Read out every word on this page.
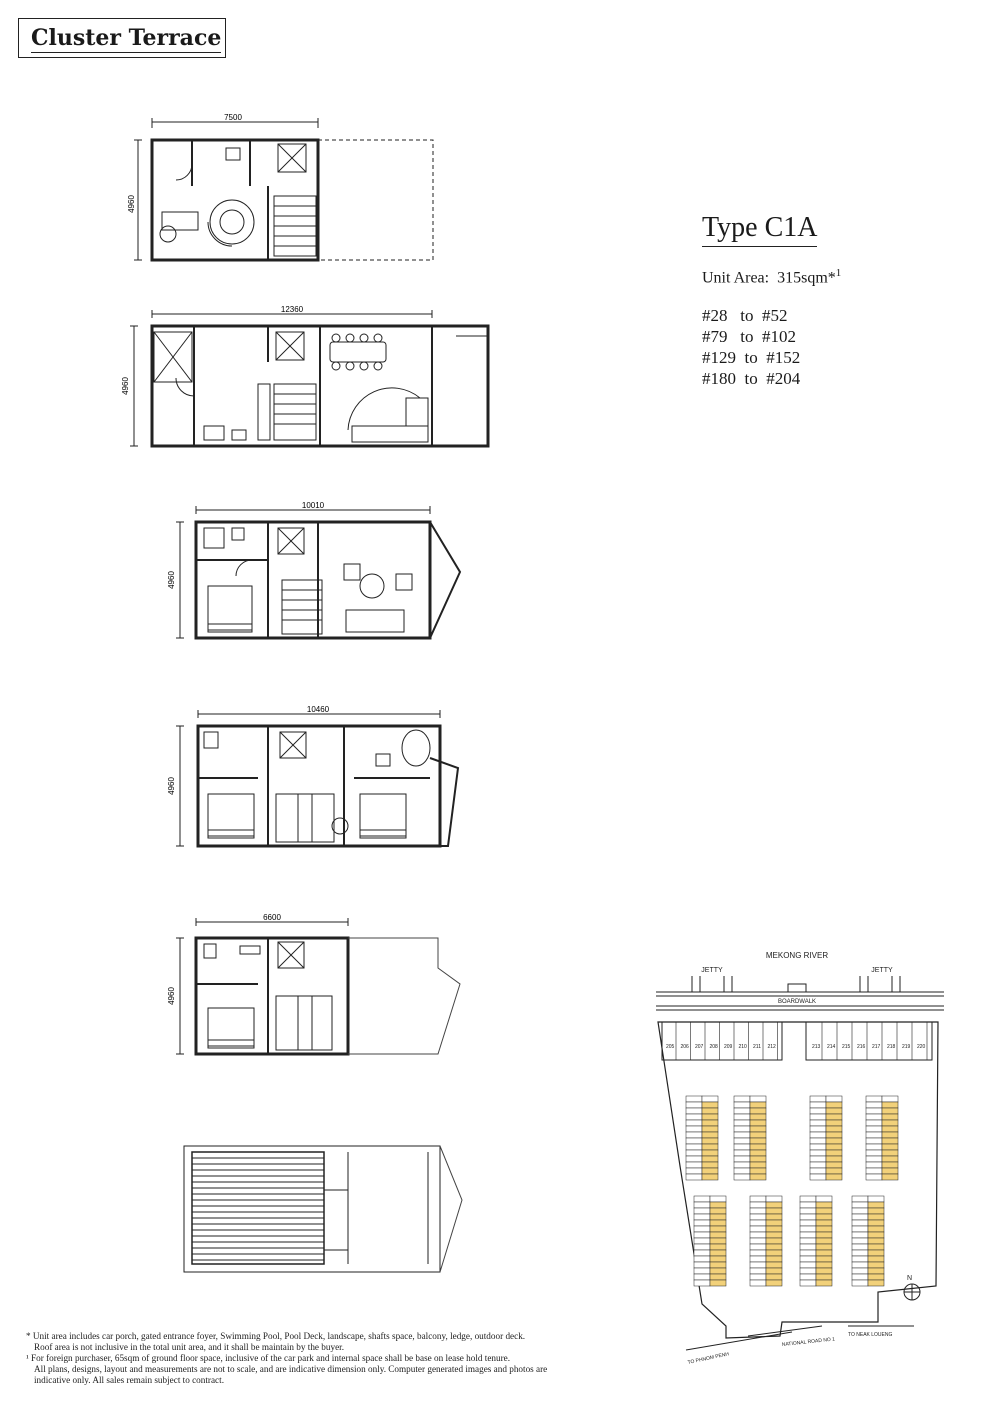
Cluster Terrace
Type C1A
Unit Area: 315sqm*$^1$
#28 to #52
#79 to #102
#129 to #152
#180 to #204
7500
4960
12360
4960
10010
4960
10460
4960
6600
4960
MEKONG RIVER
JETTY	JETTY
BOARDWALK
205 206 207 208 209 210 211 212	213 214 215 216 217 218 219 220
NATIONAL ROAD NO 1
TO PHNOM PENH
TO NEAK LOUENG
N

* Unit area includes car porch, gated entrance foyer, Swimming Pool, Pool Deck, landscape, shafts space, balcony, ledge, outdoor deck.

Roof area is not inclusive in the total unit area, and it shall be maintain by the buyer.

¹ For foreign purchaser, 65sqm of ground floor space, inclusive of the car park and internal space shall be base on lease hold tenure.

All plans, designs, layout and measurements are not to scale, and are indicative dimension only. Computer generated images and photos are

indicative only. All sales remain subject to contract.
